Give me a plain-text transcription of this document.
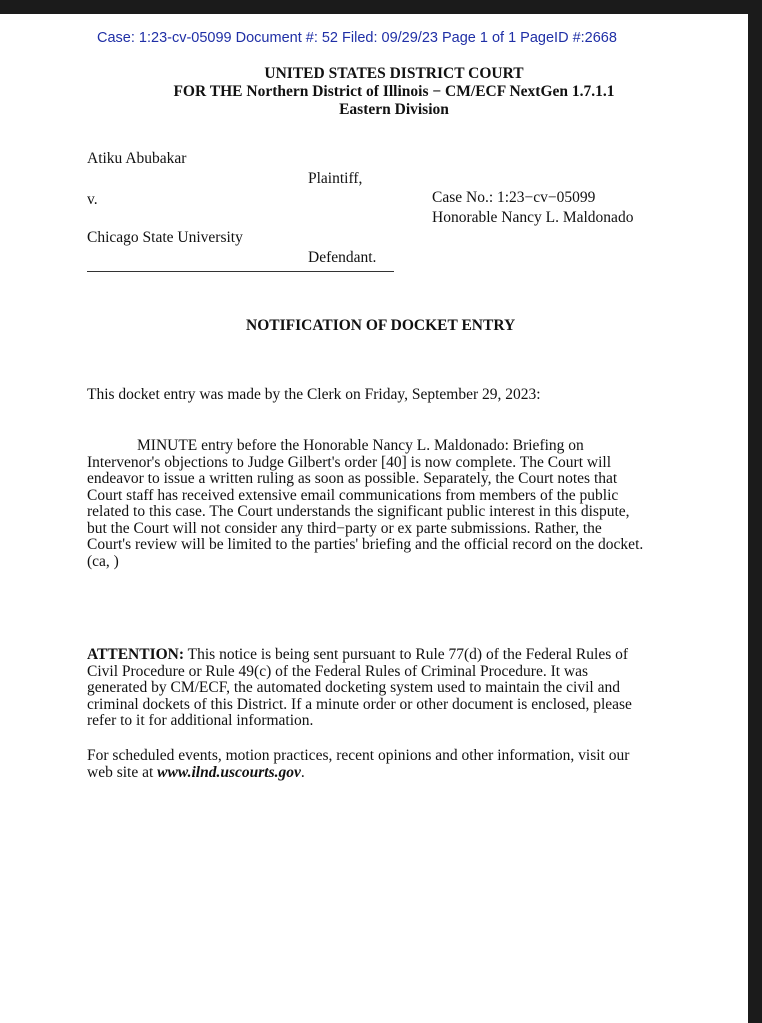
Case: 1:23-cv-05099 Document #: 52 Filed: 09/29/23 Page 1 of 1 PageID #:2668
UNITED STATES DISTRICT COURT
FOR THE Northern District of Illinois − CM/ECF NextGen 1.7.1.1
Eastern Division
Atiku Abubakar
Plaintiff,
v.	Case No.: 1:23−cv−05099
Honorable Nancy L. Maldonado
Chicago State University
Defendant.
NOTIFICATION OF DOCKET ENTRY
This docket entry was made by the Clerk on Friday, September 29, 2023:
MINUTE entry before the Honorable Nancy L. Maldonado: Briefing on
Intervenor's objections to Judge Gilbert's order [40] is now complete. The Court will
endeavor to issue a written ruling as soon as possible. Separately, the Court notes that
Court staff has received extensive email communications from members of the public
related to this case. The Court understands the significant public interest in this dispute,
but the Court will not consider any third−party or ex parte submissions. Rather, the
Court's review will be limited to the parties' briefing and the official record on the docket.
(ca, )
ATTENTION: This notice is being sent pursuant to Rule 77(d) of the Federal Rules of
Civil Procedure or Rule 49(c) of the Federal Rules of Criminal Procedure. It was
generated by CM/ECF, the automated docketing system used to maintain the civil and
criminal dockets of this District. If a minute order or other document is enclosed, please
refer to it for additional information.
For scheduled events, motion practices, recent opinions and other information, visit our
web site at www.ilnd.uscourts.gov.
